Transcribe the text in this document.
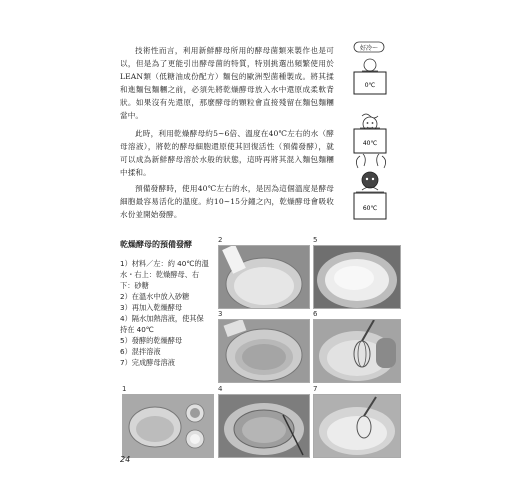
技術性而言，利用新鮮酵母所用的酵母菌類來製作也是可以，但是為了更能引出酵母菌的特質，特別挑選出頻繁使用於LEAN類（低糖油成份配方）麵包的歐洲型菌種製成。將其揉和進麵包麵糰之前，必須先將乾燥酵母放入水中還原成柔軟背狀。如果沒有先還原，那麼酵母的顆粒會直接殘留在麵包麵糰當中。

此時，利用乾燥酵母約5~6倍、溫度在40℃左右的水（酵母溶液），將乾的酵母細胞還原使其回復活性（預備發酵），就可以成為新鮮酵母溶於水般的狀態，這時再將其混入麵包麵糰中揉和。

預備發酵時，使用40℃左右的水，是因為這個溫度是酵母細胞最容易活化的溫度。約10~15分鐘之內，乾燥酵母會吸收水份並開始發酵。

好冷～
0℃
40℃
60℃
乾燥酵母的預備發酵
1）材料／左：約 40℃的溫水・右上：乾燥酵母、右下：砂糖
2）在溫水中放入砂糖
3）再加入乾燥酵母
4）隔水加熱溶液，使其保持在 40℃
5）發酵的乾燥酵母
6）混拌溶液
7）完成酵母溶液
2	5
3	6
1	4	7
24
